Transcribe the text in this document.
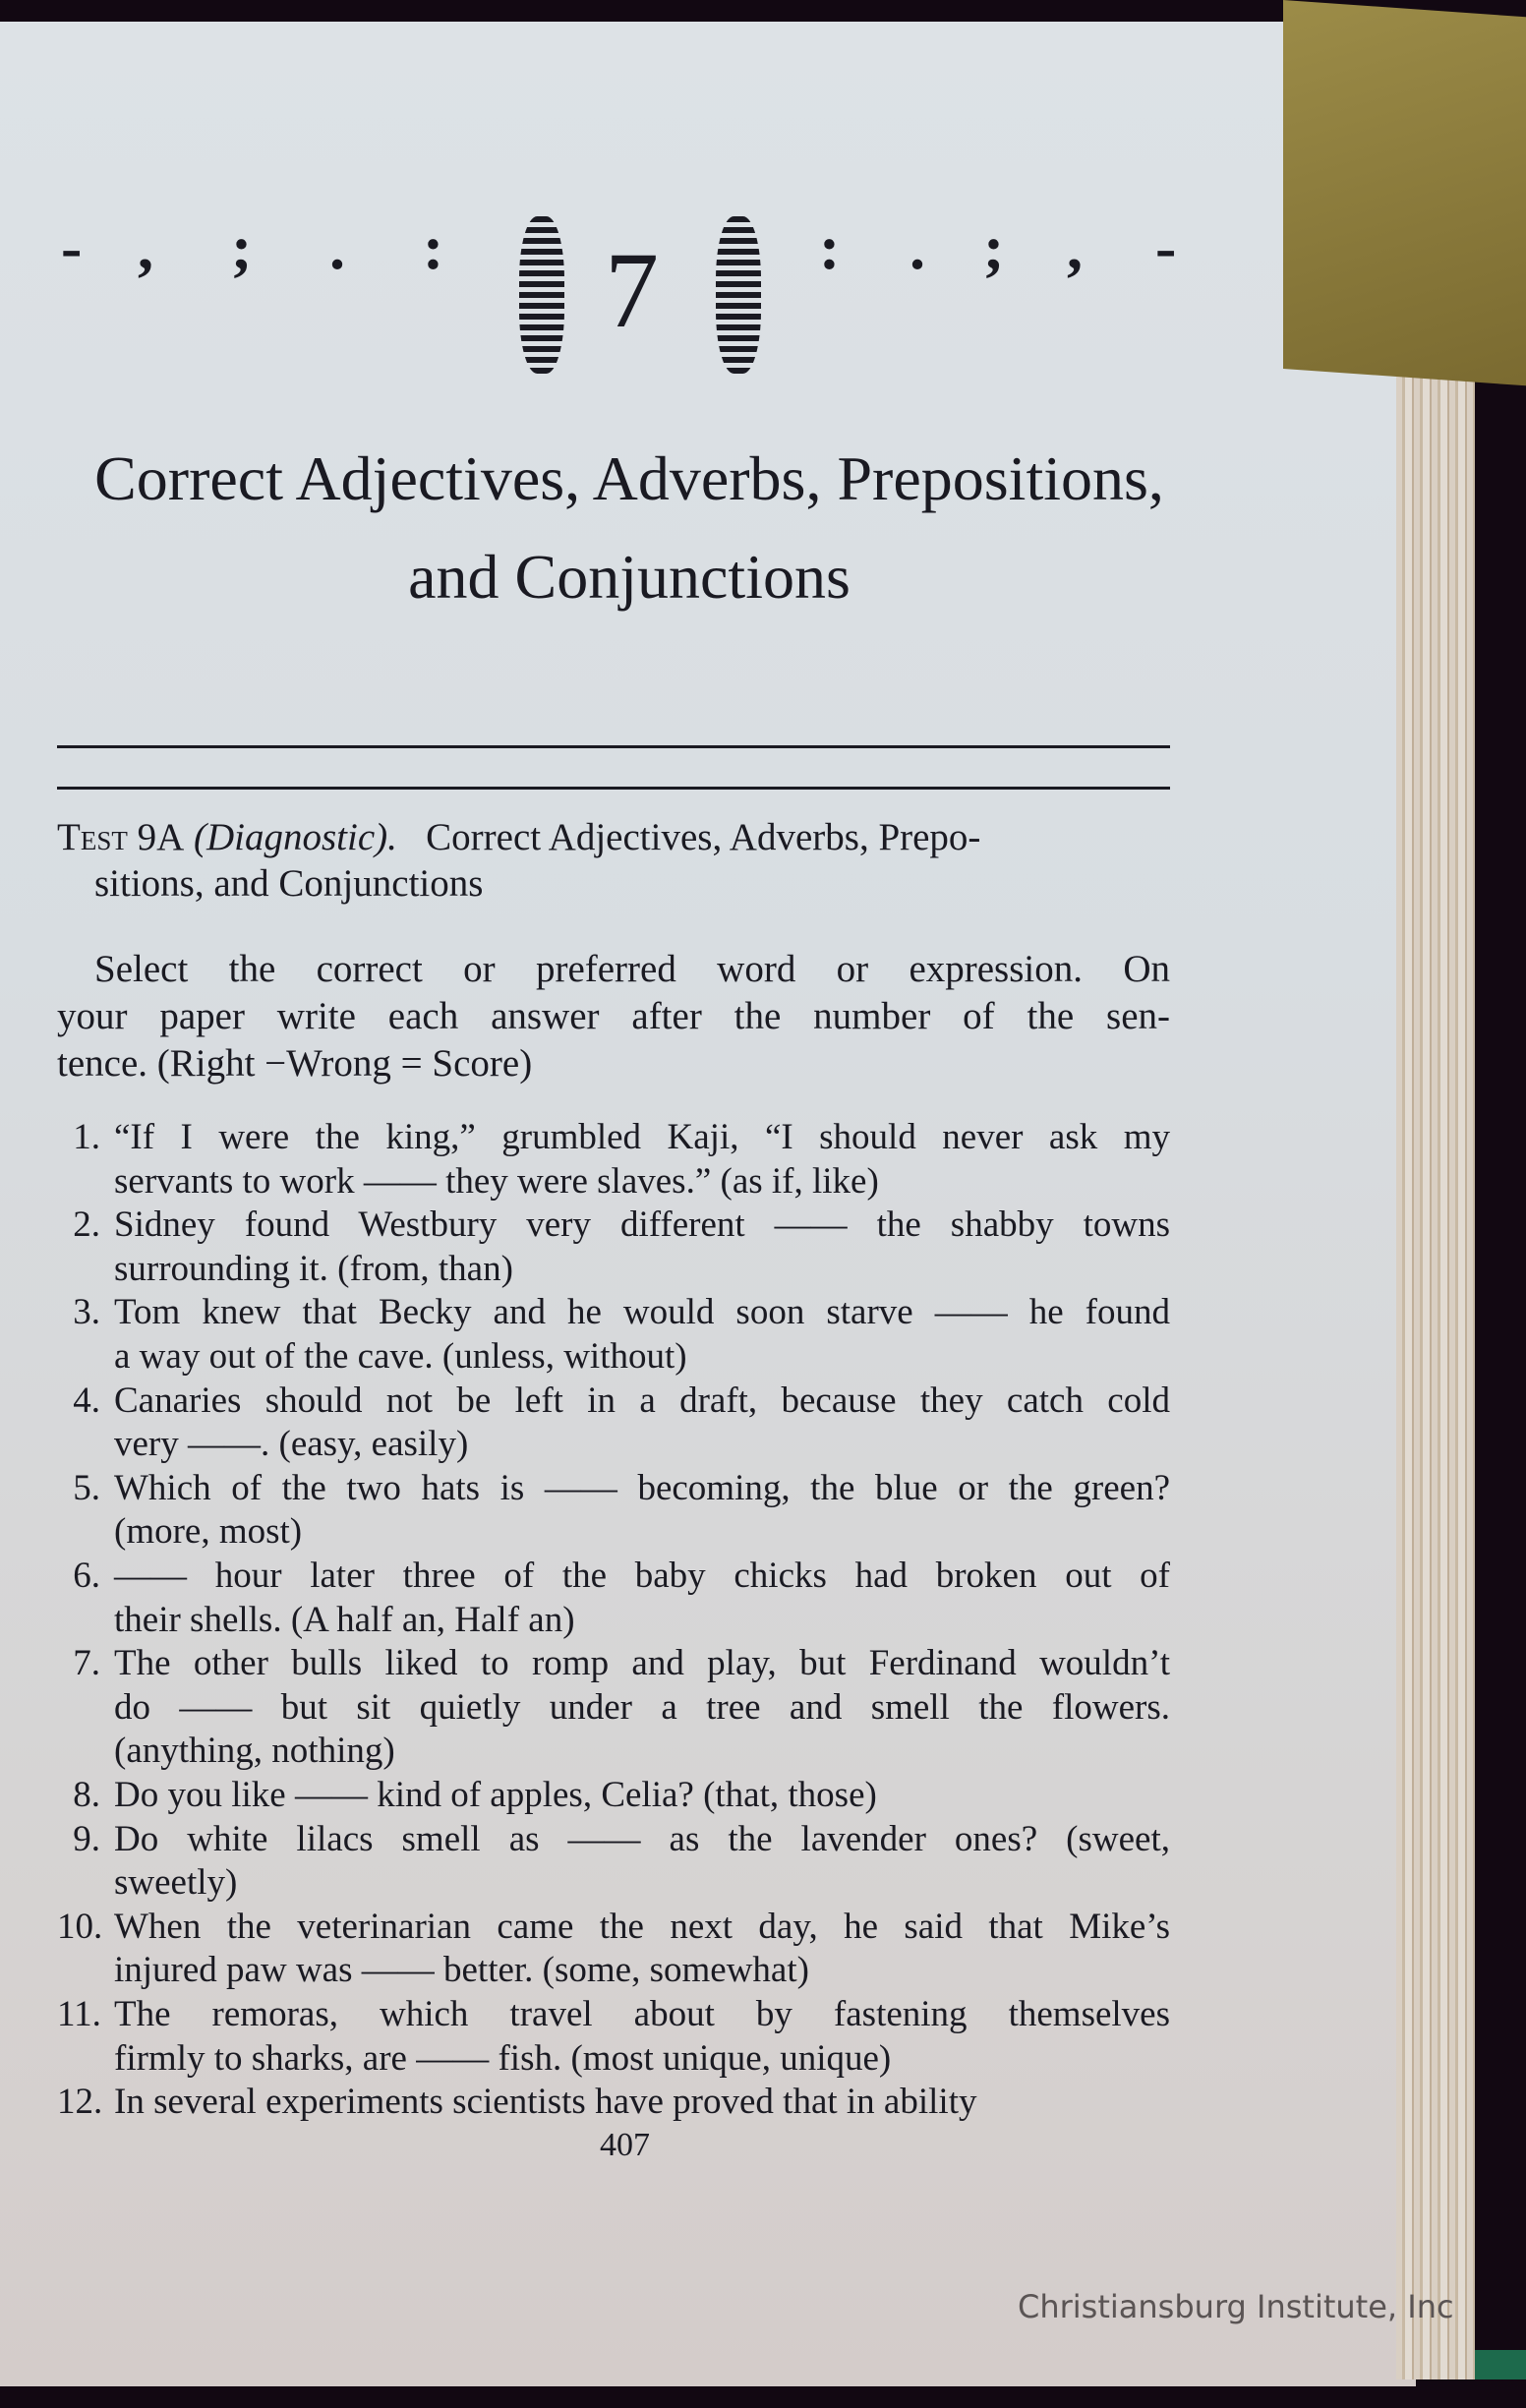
- , ; . : 7	: . ; , -
Correct Adjectives, Adverbs, Prepositions,
and Conjunctions
Test 9A (Diagnostic). Correct Adjectives, Adverbs, Prepo-
sitions, and Conjunctions
Select the correct or preferred word or expression. On
your paper write each answer after the number of the sen-
tence. (Right −Wrong = Score)
1. “If I were the king,” grumbled Kaji, “I should never ask my
servants to work —— they were slaves.” (as if, like)
2. Sidney found Westbury very different —— the shabby towns
surrounding it. (from, than)
3. Tom knew that Becky and he would soon starve —— he found
a way out of the cave. (unless, without)
4. Canaries should not be left in a draft, because they catch cold
very ——. (easy, easily)
5. Which of the two hats is —— becoming, the blue or the green?
(more, most)
6. —— hour later three of the baby chicks had broken out of
their shells. (A half an, Half an)
7. The other bulls liked to romp and play, but Ferdinand wouldn’t
do —— but sit quietly under a tree and smell the flowers.
(anything, nothing)
8. Do you like —— kind of apples, Celia? (that, those)
9. Do white lilacs smell as —— as the lavender ones? (sweet,
sweetly)
10. When the veterinarian came the next day, he said that Mike’s
injured paw was —— better. (some, somewhat)
11. The remoras, which travel about by fastening themselves
firmly to sharks, are —— fish. (most unique, unique)
12. In several experiments scientists have proved that in ability
407
Christiansburg Institute, Inc
